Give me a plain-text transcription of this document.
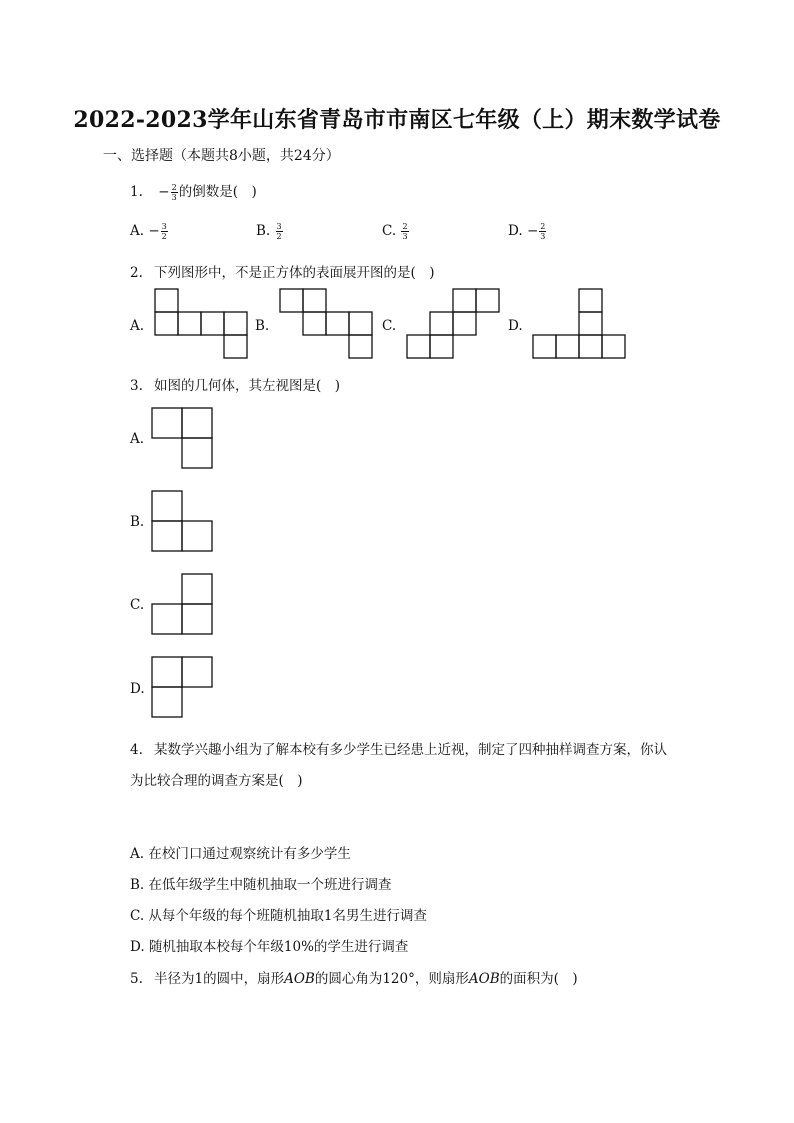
2022-2023学年山东省青岛市市南区七年级（上）期末数学试卷
一、选择题（本题共8小题，共24分）
1. − $\frac{2}{3}$ 的倒数是(　)
A. − $\frac{3}{2}$	B. $\frac{3}{2}$	C. $\frac{2}{3}$	D. − $\frac{2}{3}$
2. 下列图形中，不是正方体的表面展开图的是(　)
A.	B.	C.	D.
3. 如图的几何体，其左视图是(　)
A.
B.
C.
D.
4. 某数学兴趣小组为了解本校有多少学生已经患上近视，制定了四种抽样调查方案，你认
为比较合理的调查方案是(　)
A. 在校门口通过观察统计有多少学生
B. 在低年级学生中随机抽取一个班进行调查
C. 从每个年级的每个班随机抽取1名男生进行调查
D. 随机抽取本校每个年级10%的学生进行调查
5. 半径为1的圆中，扇形AOB的圆心角为120°，则扇形AOB的面积为(　)
